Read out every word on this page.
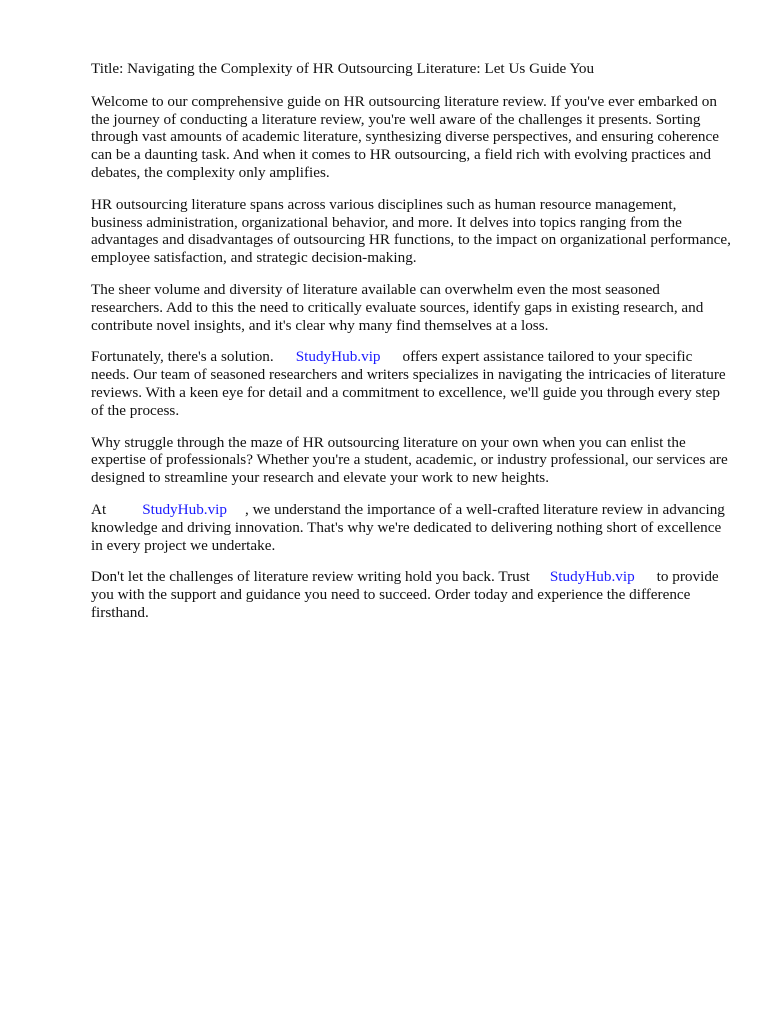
Title: Navigating the Complexity of HR Outsourcing Literature: Let Us Guide You

Welcome to our comprehensive guide on HR outsourcing literature review. If you've ever embarked on the journey of conducting a literature review, you're well aware of the challenges it presents. Sorting through vast amounts of academic literature, synthesizing diverse perspectives, and ensuring coherence can be a daunting task. And when it comes to HR outsourcing, a field rich with evolving practices and debates, the complexity only amplifies.

HR outsourcing literature spans across various disciplines such as human resource management, business administration, organizational behavior, and more. It delves into topics ranging from the advantages and disadvantages of outsourcing HR functions, to the impact on organizational performance, employee satisfaction, and strategic decision-making.

The sheer volume and diversity of literature available can overwhelm even the most seasoned researchers. Add to this the need to critically evaluate sources, identify gaps in existing research, and contribute novel insights, and it's clear why many find themselves at a loss.

Fortunately, there's a solution. StudyHub.vip offers expert assistance tailored to your specific needs. Our team of seasoned researchers and writers specializes in navigating the intricacies of literature reviews. With a keen eye for detail and a commitment to excellence, we'll guide you through every step of the process.

Why struggle through the maze of HR outsourcing literature on your own when you can enlist the expertise of professionals? Whether you're a student, academic, or industry professional, our services are designed to streamline your research and elevate your work to new heights.

At StudyHub.vip , we understand the importance of a well-crafted literature review in advancing knowledge and driving innovation. That's why we're dedicated to delivering nothing short of excellence in every project we undertake.

Don't let the challenges of literature review writing hold you back. Trust StudyHub.vip to provide you with the support and guidance you need to succeed. Order today and experience the difference firsthand.
